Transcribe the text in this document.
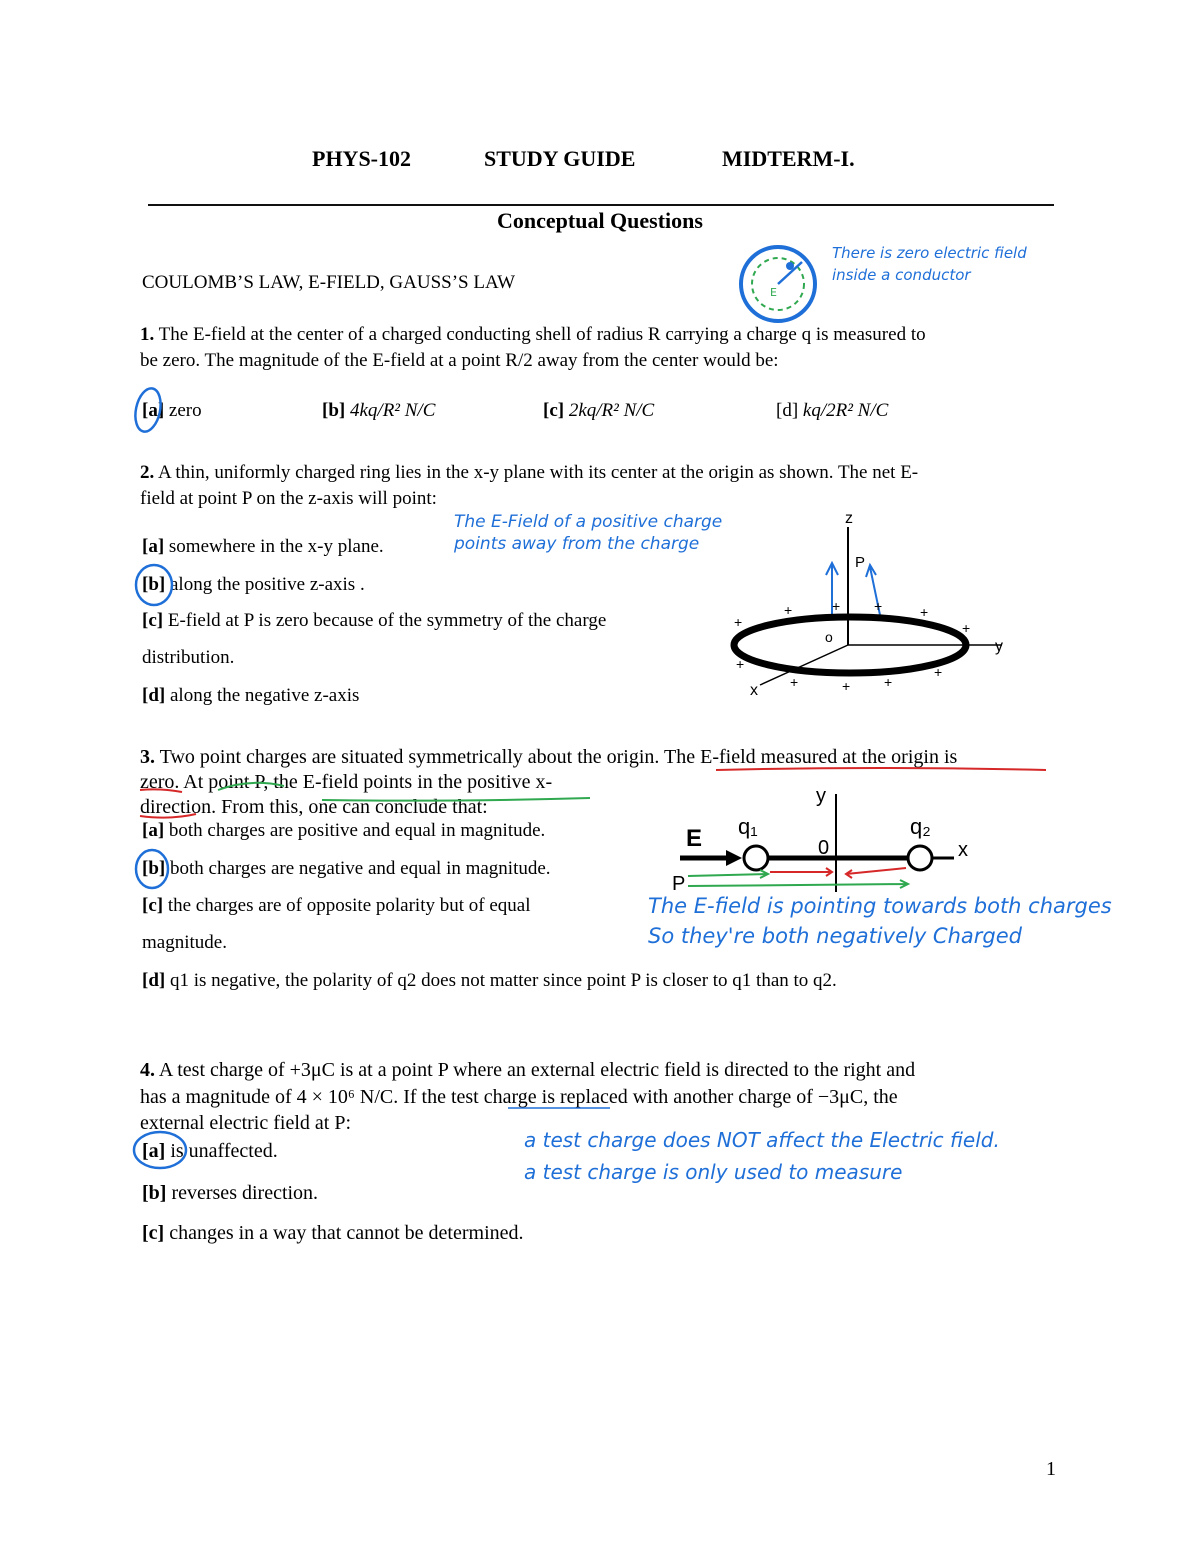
PHYS-102	STUDY GUIDE	MIDTERM-I.
Conceptual Questions
COULOMB’S LAW, E-FIELD, GAUSS’S LAW	E
There is zero electric field
inside a conductor
1. The E-field at the center of a charged conducting shell of radius R carrying a charge q is measured to
be zero. The magnitude of the E-field at a point R/2 away from the center would be:
[a] zero	[b] 4kq/R² N/C	[c] 2kq/R² N/C	[d] kq/2R² N/C
2. A thin, uniformly charged ring lies in the x-y plane with its center at the origin as shown. The net E-
field at point P on the z-axis will point:
The E-Field of a positive charge
points away from the charge
[a] somewhere in the x-y plane.
[b] along the positive z-axis .
[c] E-field at P is zero because of the symmetry of the charge
distribution.
[d] along the negative z-axis
z
P
y
x
o
+
+	+ +	+
+
+
+	+ +
+
3. Two point charges are situated symmetrically about the origin. The E-field measured at the origin is
zero. At point P, the E-field points in the positive x-
direction. From this, one can conclude that:
[a] both charges are positive and equal in magnitude.
[b] both charges are negative and equal in magnitude.
[c] the charges are of opposite polarity but of equal
magnitude.
[d] q1 is negative, the polarity of q2 does not matter since point P is closer to q1 than to q2.
y
E	x
q₁
0
q₂
P
The E-field is pointing towards both charges
So they're both negatively Charged
4. A test charge of +3μC is at a point P where an external electric field is directed to the right and
has a magnitude of 4 × 10⁶ N/C. If the test charge is replaced with another charge of −3μC, the
external electric field at P:
a test charge does NOT affect the Electric field.
a test charge is only used to measure
[a] is unaffected.
[b] reverses direction.
[c] changes in a way that cannot be determined.
1
